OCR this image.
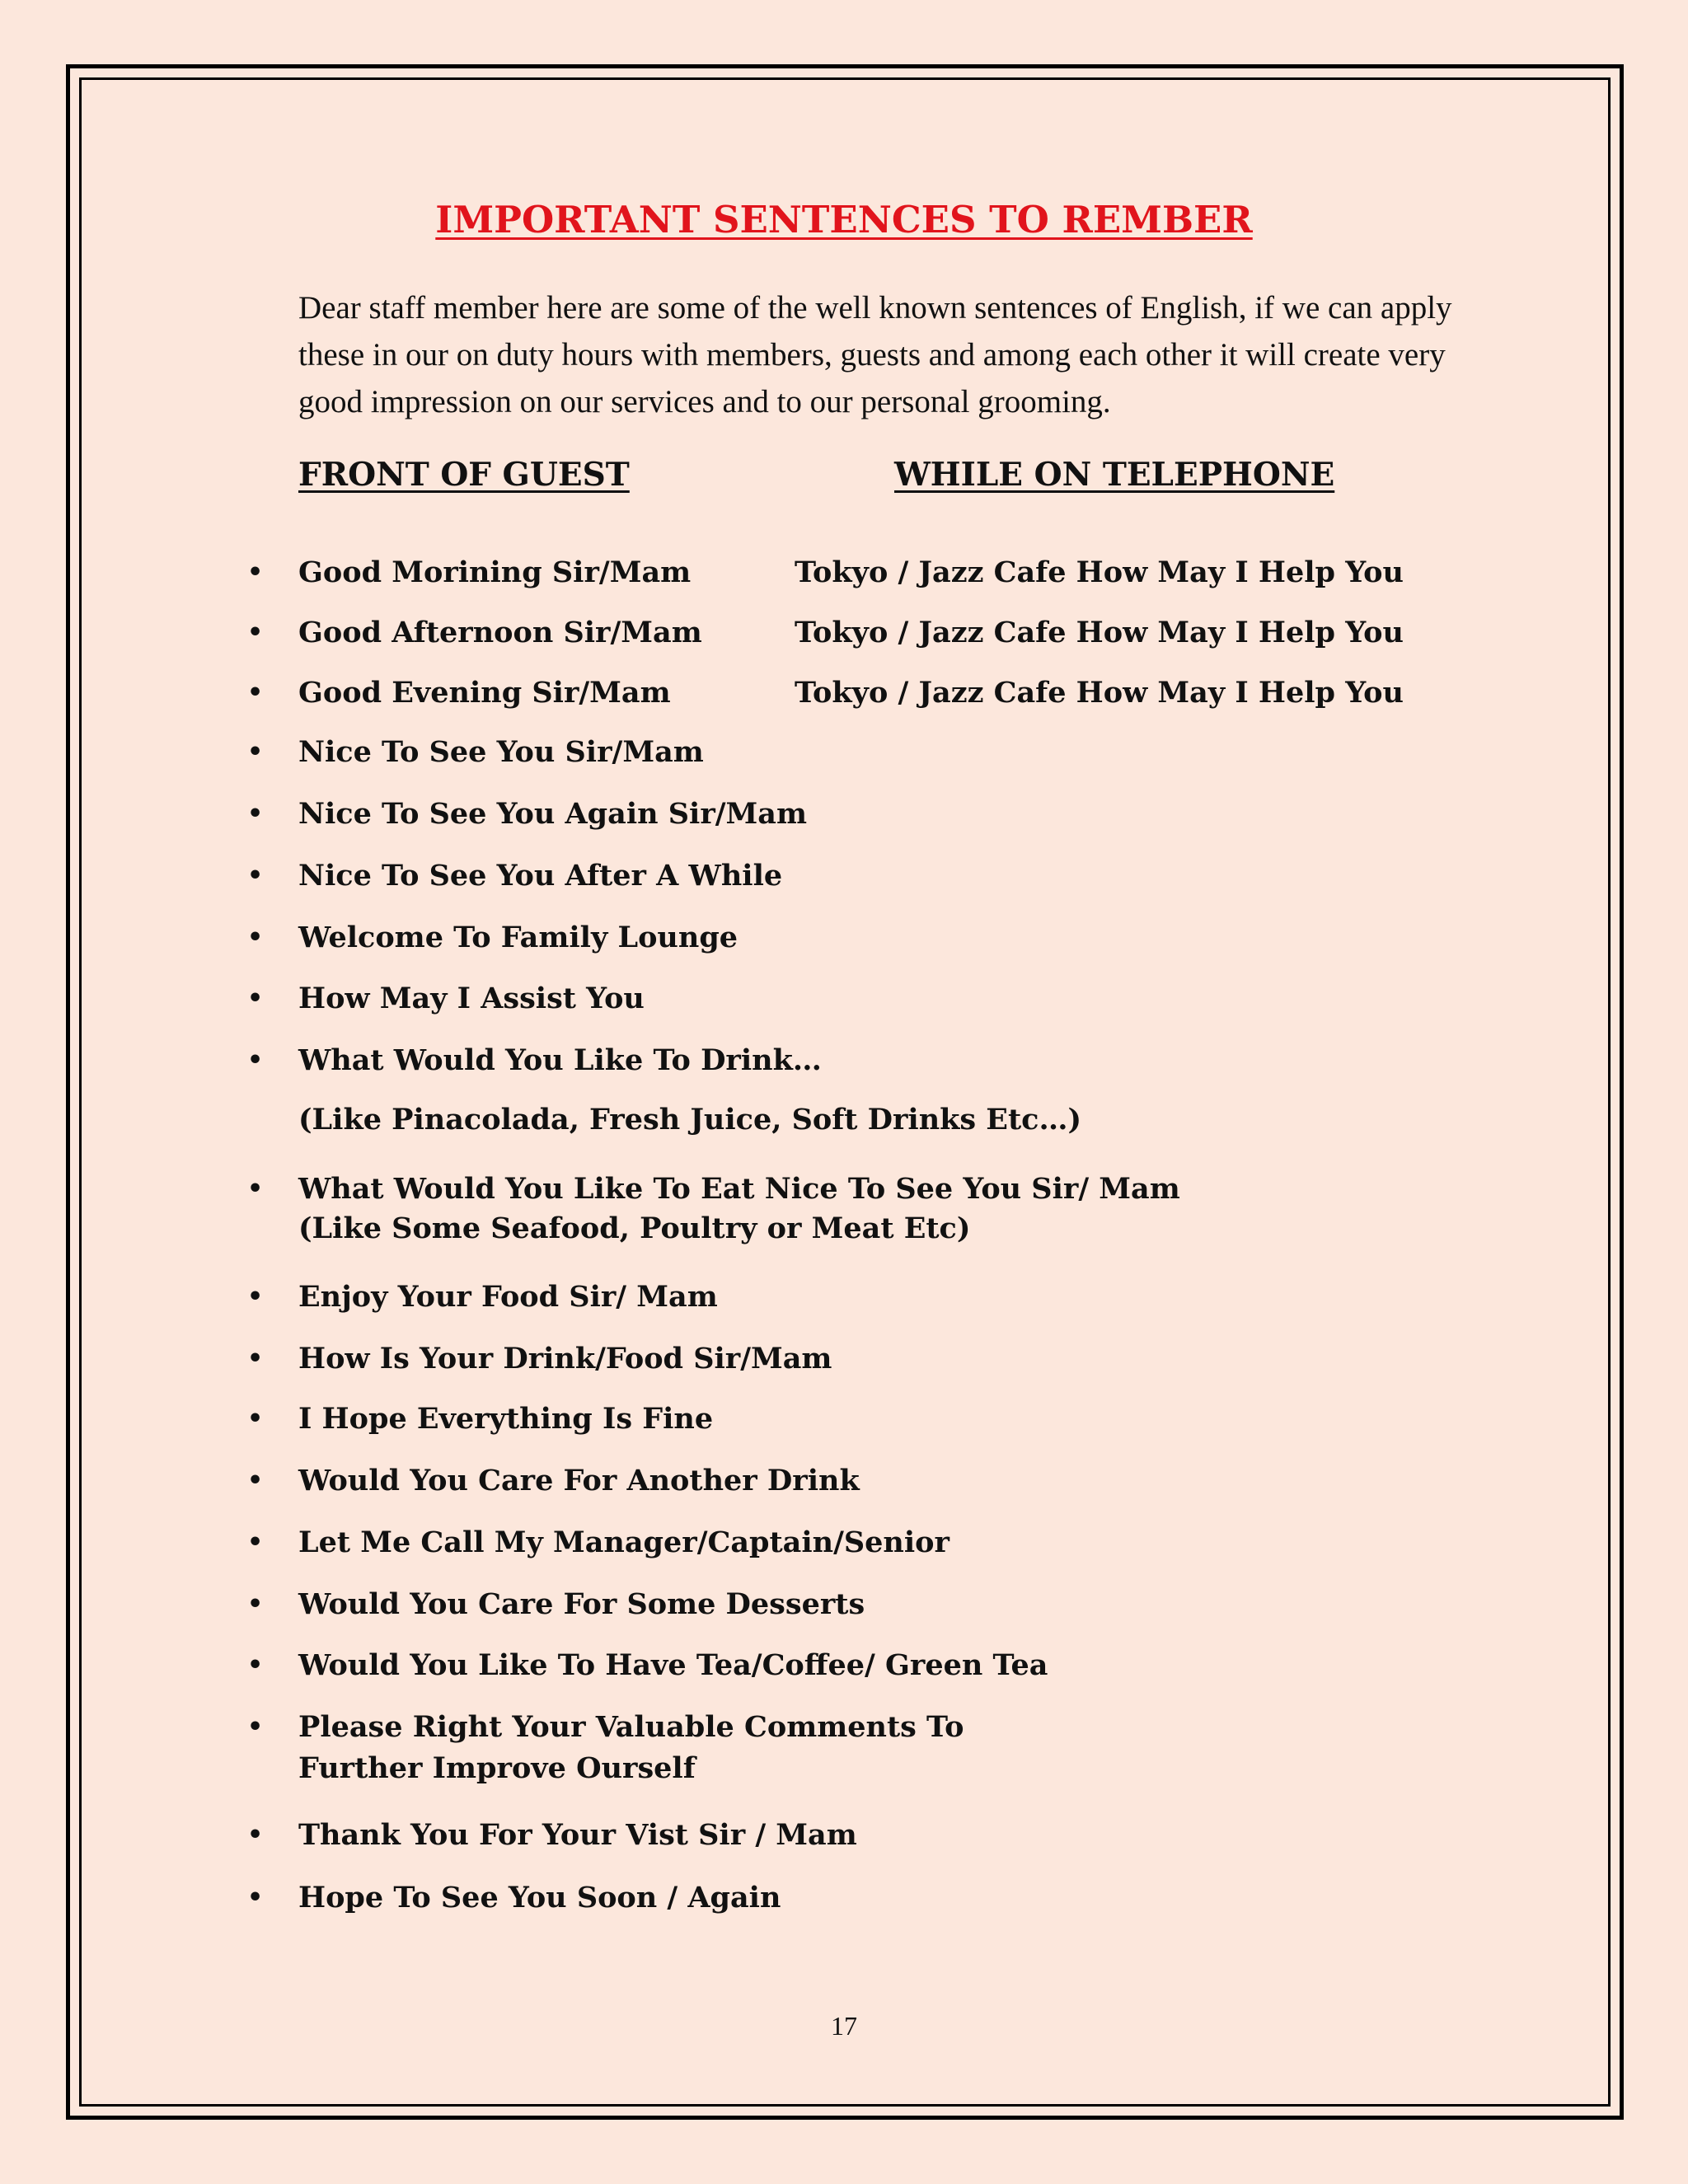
IMPORTANT SENTENCES TO REMBER
Dear staff member here are some of the well known sentences of English, if we can apply these in our on duty hours with members, guests and among each other it will create very good impression on our services and to our personal grooming.
FRONT OF GUEST	WHILE ON TELEPHONE
• Good Morining Sir/Mam
• Good Afternoon Sir/Mam
• Good Evening Sir/Mam
• Nice To See You Sir/Mam
• Nice To See You Again Sir/Mam
• Nice To See You After A While
• Welcome To Family Lounge
• How May I Assist You
• What Would You Like To Drink…
(Like Pinacolada, Fresh Juice, Soft Drinks Etc…)
• What Would You Like To Eat Nice To See You Sir/ Mam
(Like Some Seafood, Poultry or Meat Etc)
• Enjoy Your Food Sir/ Mam
• How Is Your Drink/Food Sir/Mam
• I Hope Everything Is Fine
• Would You Care For Another Drink
• Let Me Call My Manager/Captain/Senior
• Would You Care For Some Desserts
• Would You Like To Have Tea/Coffee/ Green Tea
• Please Right Your Valuable Comments To
Further Improve Ourself
• Thank You For Your Vist Sir / Mam
• Hope To See You Soon / Again
Tokyo / Jazz Cafe How May I Help You
Tokyo / Jazz Cafe How May I Help You
Tokyo / Jazz Cafe How May I Help You
17
